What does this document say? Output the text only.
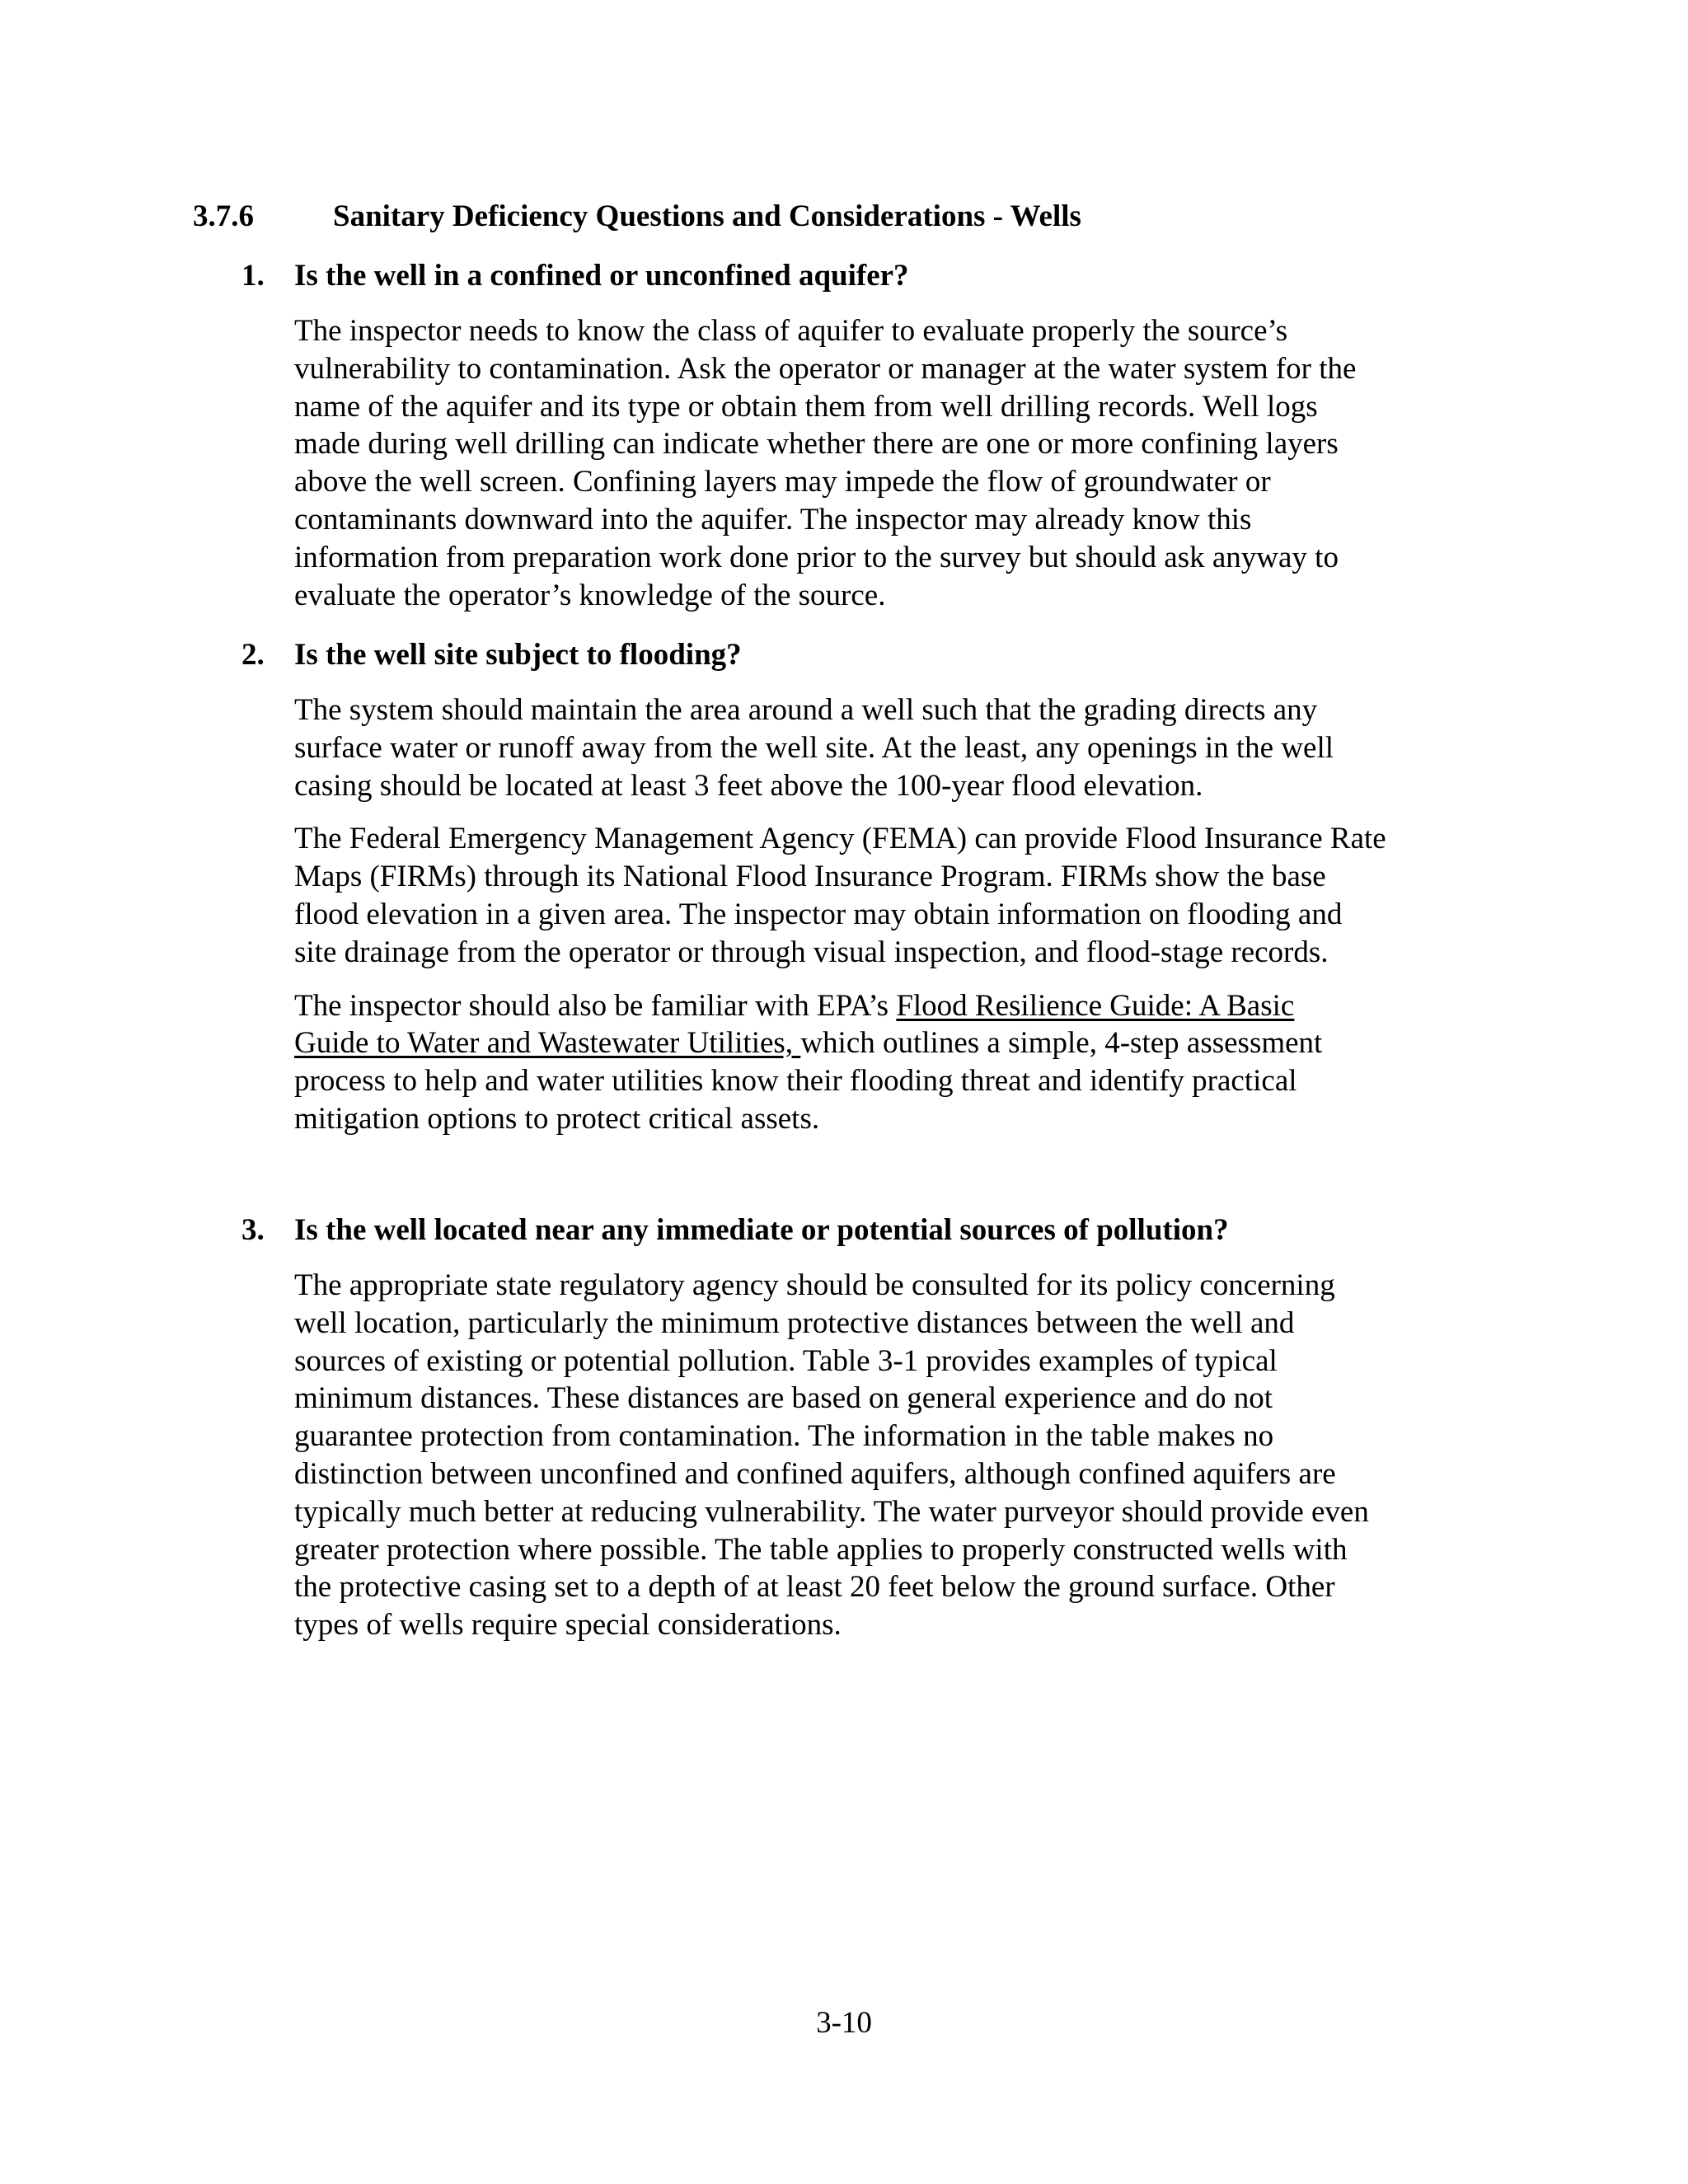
3.7.6	Sanitary Deficiency Questions and Considerations - Wells
1. Is the well in a confined or unconfined aquifer?

The inspector needs to know the class of aquifer to evaluate properly the source’s
vulnerability to contamination. Ask the operator or manager at the water system for the
name of the aquifer and its type or obtain them from well drilling records. Well logs
made during well drilling can indicate whether there are one or more confining layers
above the well screen. Confining layers may impede the flow of groundwater or
contaminants downward into the aquifer. The inspector may already know this
information from preparation work done prior to the survey but should ask anyway to
evaluate the operator’s knowledge of the source.

2. Is the well site subject to flooding?

The system should maintain the area around a well such that the grading directs any
surface water or runoff away from the well site. At the least, any openings in the well
casing should be located at least 3 feet above the 100-year flood elevation.

The Federal Emergency Management Agency (FEMA) can provide Flood Insurance Rate
Maps (FIRMs) through its National Flood Insurance Program. FIRMs show the base
flood elevation in a given area. The inspector may obtain information on flooding and
site drainage from the operator or through visual inspection, and flood-stage records.

The inspector should also be familiar with EPA’s Flood Resilience Guide: A Basic
Guide to Water and Wastewater Utilities, which outlines a simple, 4-step assessment
process to help and water utilities know their flooding threat and identify practical
mitigation options to protect critical assets.

3. Is the well located near any immediate or potential sources of pollution?

The appropriate state regulatory agency should be consulted for its policy concerning
well location, particularly the minimum protective distances between the well and
sources of existing or potential pollution. Table 3-1 provides examples of typical
minimum distances. These distances are based on general experience and do not
guarantee protection from contamination. The information in the table makes no
distinction between unconfined and confined aquifers, although confined aquifers are
typically much better at reducing vulnerability. The water purveyor should provide even
greater protection where possible. The table applies to properly constructed wells with
the protective casing set to a depth of at least 20 feet below the ground surface. Other
types of wells require special considerations.

3-10
